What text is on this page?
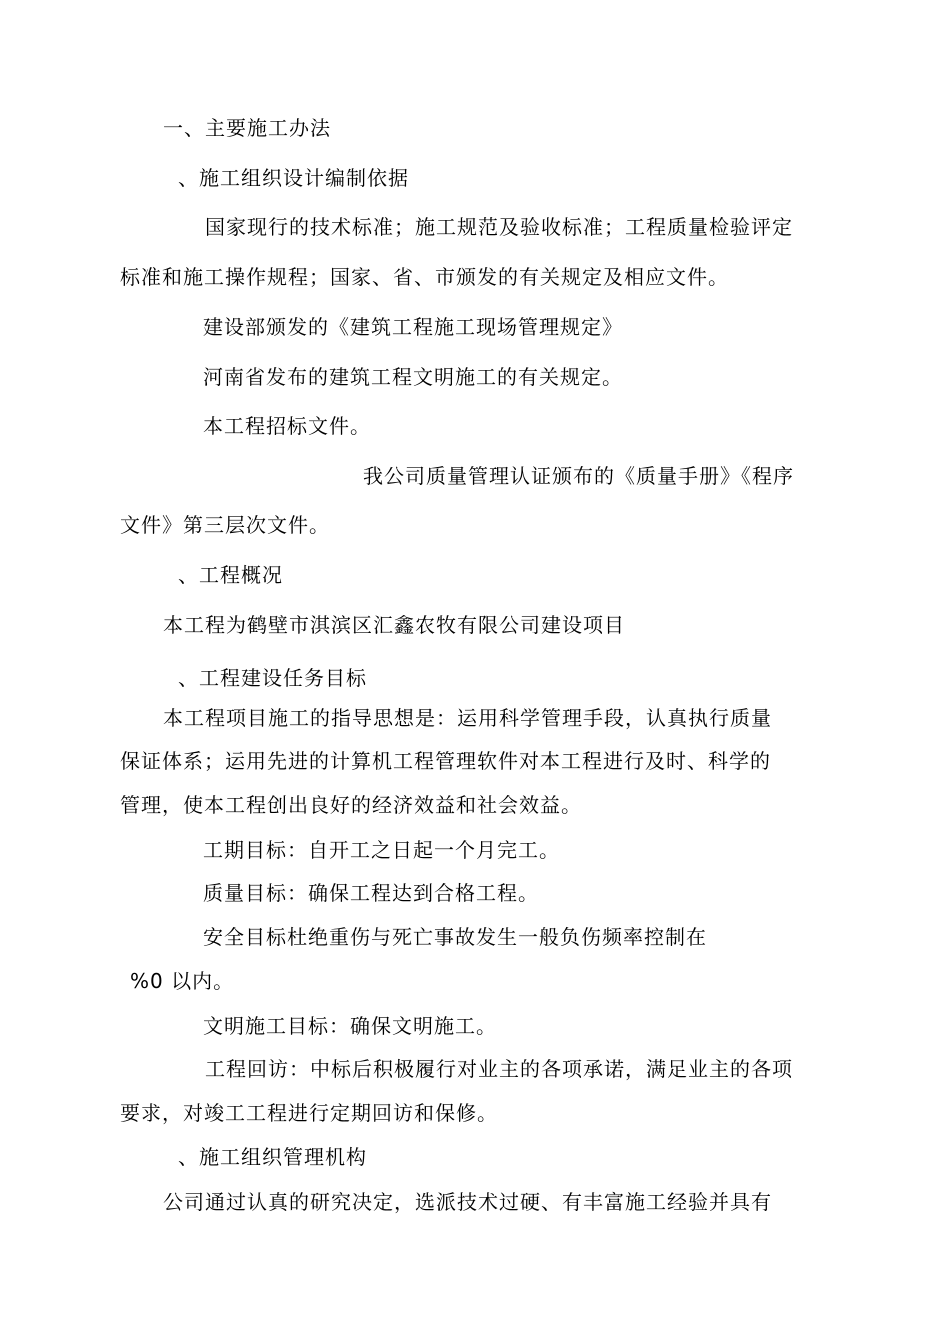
一、主要施工办法
、施工组织设计编制依据
国家现行的技术标准；施工规范及验收标准；工程质量检验评定
标准和施工操作规程；国家、省、市颁发的有关规定及相应文件。
建设部颁发的《建筑工程施工现场管理规定》
河南省发布的建筑工程文明施工的有关规定。
本工程招标文件。
我公司质量管理认证颁布的《质量手册》《程序
文件》第三层次文件。
、工程概况
本工程为鹤壁市淇滨区汇鑫农牧有限公司建设项目
、工程建设任务目标
本工程项目施工的指导思想是：运用科学管理手段，认真执行质量
保证体系；运用先进的计算机工程管理软件对本工程进行及时、科学的
管理，使本工程创出良好的经济效益和社会效益。
工期目标：自开工之日起一个月完工。
质量目标：确保工程达到合格工程。
安全目标杜绝重伤与死亡事故发生一般负伤频率控制在
%0 以内。
文明施工目标：确保文明施工。
工程回访：中标后积极履行对业主的各项承诺，满足业主的各项
要求，对竣工工程进行定期回访和保修。
、施工组织管理机构
公司通过认真的研究决定，选派技术过硬、有丰富施工经验并具有
